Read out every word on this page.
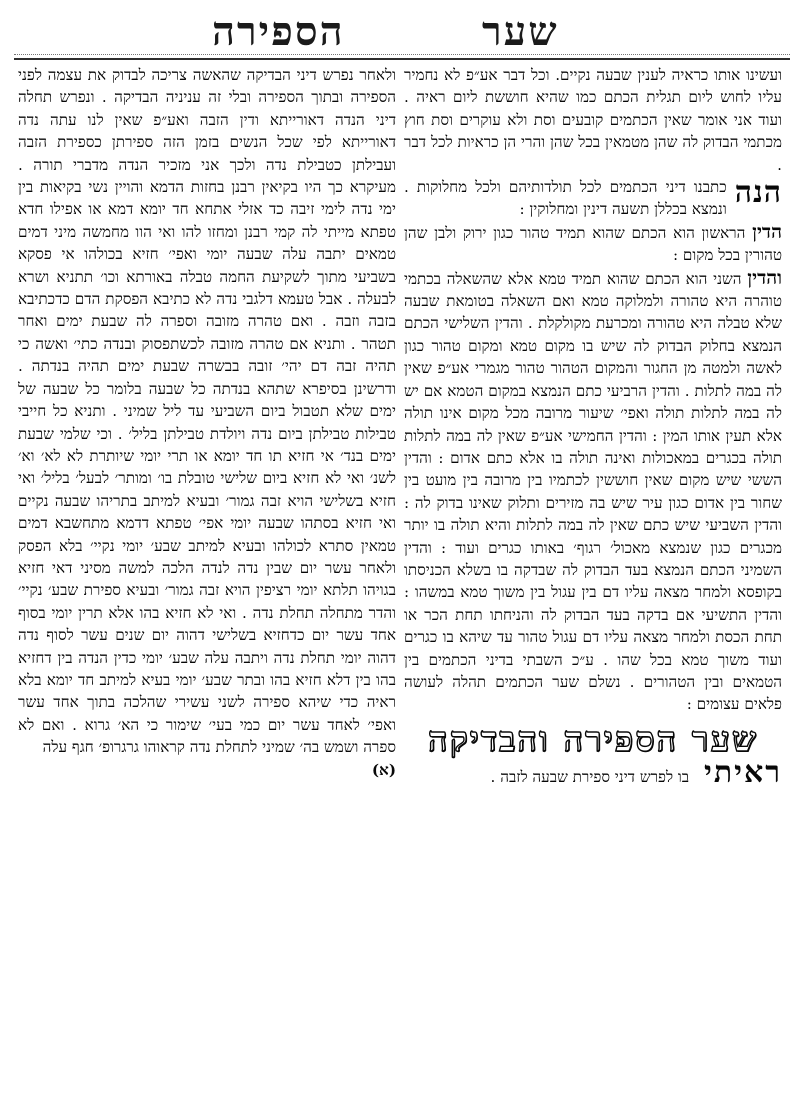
שער
הספירה

ועשינו אותו כראיה לענין שבעה נקיים. וכל דבר אע״פ לא נחמיר עליו לחוש ליום תגלית הכתם כמו שהיא חוששת ליום ראיה . ועוד אני אומר שאין הכתמים קובעים וסת ולא עוקרים וסת חוץ מכתמי הבדוק לה שהן מטמאין בכל שהן והרי הן כראיות לכל דבר .

הנה
כתבנו דיני הכתמים לכל תולדותיהם ולכל מחלוקות . ונמצא בכללן תשעה דינין ומחלוקין :

הדין הראשון הוא הכתם שהוא תמיד טהור כגון ירוק ולבן שהן טהורין בכל מקום :

והדין השני הוא הכתם שהוא תמיד טמא אלא שהשאלה בכתמי טוהרה היא טהורה ולמלוקה טמא ואם השאלה בטומאת שבעה שלא טבלה היא טהורה ומכרעת מקולקלת . והדין השלישי הכתם הנמצא בחלוק הבדוק לה שיש בו מקום טמא ומקום טהור כגון לאשה ולמטה מן החגור והמקום הטהור טהור מגמרי אע״פ שאין לה במה לתלות . והדין הרביעי כתם הנמצא במקום הטמא אם יש לה במה לתלות תולה ואפי׳ שיעור מרובה מכל מקום אינו תולה אלא תעין אותו המין : והדין החמישי אע״פ שאין לה במה לתלות תולה בכגרים במאכולות ואינה תולה בו אלא כתם אדום : והדין הששי שיש מקום שאין חוששין לכתמיו בין מרובה בין מועט בין שחור בין אדום כגון עיר שיש בה מזירים ותלוק שאינו בדוק לה : והדין השביעי שיש כתם שאין לה במה לתלות והיא תולה בו יותר מכגרים כגון שנמצא מאכול׳ רגוף׳ באותו כגרים ועוד : והדין השמיני הכתם הנמצא בעד הבדוק לה שבדקה בו בשלא הכניסתו בקופסא ולמחר מצאה עליו דם בין עגול בין משוך טמא במשהו : והדין התשיעי אם בדקה בעד הבדוק לה והניחתו תחת הכר או תחת הכסת ולמחר מצאה עליו דם עגול טהור עד שיהא בו כגרים ועוד משוך טמא בכל שהו . ע״כ השבתי בדיני הכתמים בין הטמאים ובין הטהורים . נשלם שער הכתמים תהלה לעושה פלאים עצומים :

שער הספירה והבדיקה
ראיתי בו לפרש דיני ספירת שבעה לזבה .

ולאחר נפרש דיני הבדיקה שהאשה צריכה לבדוק את עצמה לפני הספירה ובתוך הספירה ובלי זה עניניה הבדיקה . ונפרש תחלה דיני הנדה דאורייתא ודין הזבה ואע״פ שאין לנו עתה נדה דאורייתא לפי שכל הנשים בזמן הזה ספירתן כספירת הזבה ועבילתן כטבילת נדה ולכך אני מזכיר הנדה מדברי תורה . מעיקרא כך היו בקיאין רבנן בחזות הדמא והויין נשי בקיאות בין ימי נדה לימי זיבה כד אזלי אתחא חד יומא דמא או אפילו חדא טפתא מייתי לה קמי רבנן ומחזו להו ואי הוו מחמשה מיני דמים טמאים יתבה עלה שבעה יומי ואפי׳ חזיא בכולהו אי פסקא בשביעי מתוך לשקיעת החמה טבלה באורתא וכו׳ תתניא ושרא לבעלה . אבל טעמא דלגבי נדה לא כתיבא הפסקת הדם כדכתיבא בזבה וזבה . ואם טהרה מזובה וספרה לה שבעת ימים ואחר תטהר . ותניא אם טהרה מזובה לכשתפסוק ובנדה כתי׳ ואשה כי תהיה זבה דם יהי׳ זובה בבשרה שבעת ימים תהיה בנדתה . ודרשינן בסיפרא שתהא בנדתה כל שבעה בלומר כל שבעה של ימים שלא תטבול ביום השביעי עד ליל שמיני . ותניא כל חייבי טבילות טבילתן ביום נדה ויולדת טבילתן בליל׳ . וכי שלמי שבעת ימים בנד׳ אי חזיא תו חד יומא או תרי יומי שיותרת לא לא׳ וא׳ לשנ׳ ואי לא חזיא ביום שלישי טובלת בו׳ ומותר׳ לבעל׳ בליל׳ ואי חזיא בשלישי הויא זבה גמור׳ ובעיא למיתב בתריהו שבעה נקיים ואי חזיא בסתהו שבעה יומי אפי׳ טפתא דדמא מתחשבא דמים טמאין סתרא לכולהו ובעיא למיתב שבע׳ יומי נקיי׳ בלא הפסק ולאחר עשר יום שבין נדה לנדה הלכה למשה מסיני דאי חזיא בגויהו תלתא יומי רציפין הויא זבה גמור׳ ובעיא ספירת שבע׳ נקיי׳ והדר מתחלה תחלת נדה . ואי לא חזיא בהו אלא תרין יומי בסוף אחד עשר יום כדחזיא בשלישי דהוה יום שנים עשר לסוף נדה דהוה יומי תחלת נדה ויתבה עלה שבע׳ יומי כדין הנדה בין דחזיא בהו בין דלא חזיא בהו ובתר שבע׳ יומי בעיא למיתב חד יומא בלא ראיה כדי שיהא ספירה לשני עשירי שהלכה בתוך אחד עשר ואפי׳ לאחד עשר יום כמי בעי׳ שימור כי הא׳ גרוא . ואם לא ספרה ושמש בה׳ שמיני לתחלת נדה קראוהו גרגרופ׳ חגף עלה

(א)
